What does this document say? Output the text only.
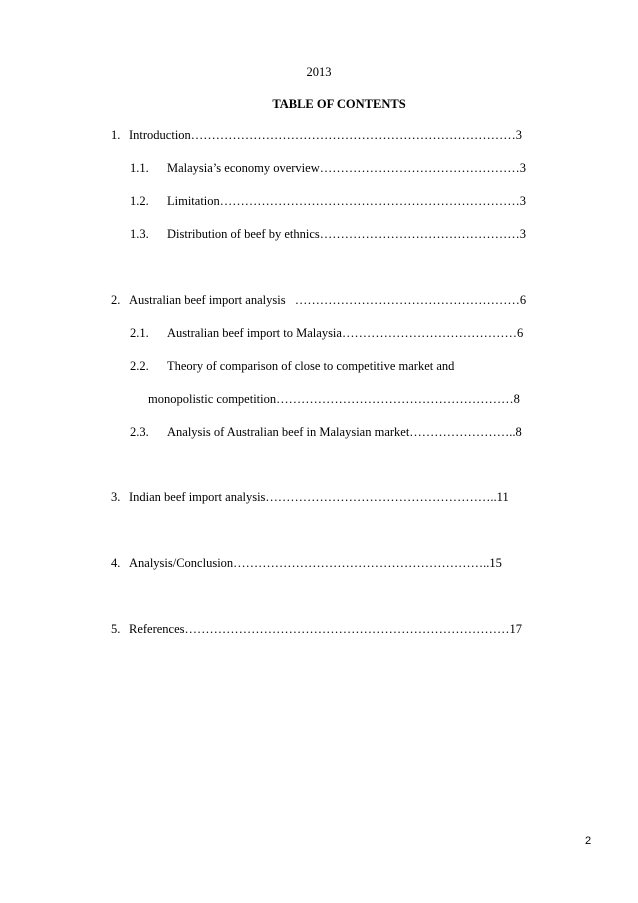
2013
TABLE OF CONTENTS
1. Introduction……………………………………………………………………3
1.1. Malaysia’s economy overview…………………………………………3
1.2. Limitation………………………………………………………………3
1.3. Distribution of beef by ethnics…………………………………………3
2. Australian beef import analysis   ………………………………………………6
2.1. Australian beef import to Malaysia……………………………………6
2.2. Theory of comparison of close to competitive market and
monopolistic competition…………………………………………………8
2.3. Analysis of Australian beef in Malaysian market……………………..8
3. Indian beef import analysis………………………………………………..11
4. Analysis/Conclusion……………………………………………………..15
5. References……………………………………………………………………17
2
